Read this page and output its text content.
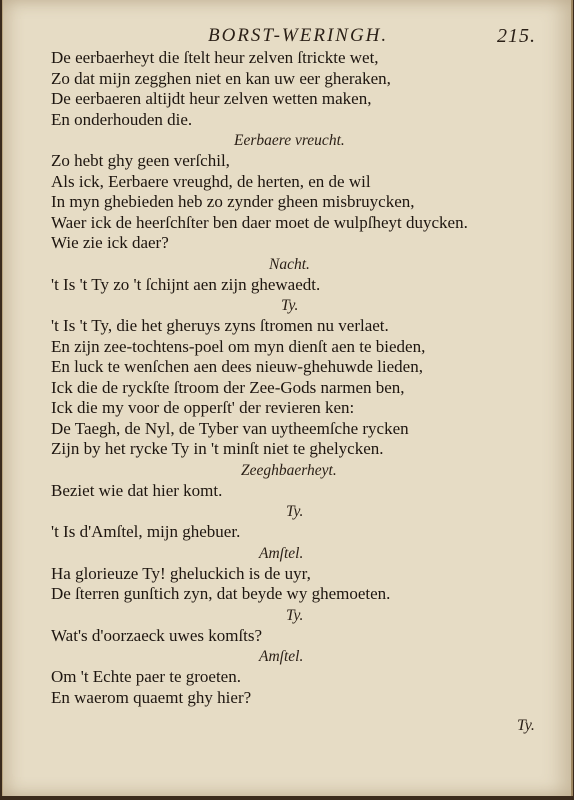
BORST-WERINGH.	215.
De eerbaerheyt die ſtelt heur zelven ſtrickte wet,
Zo dat mijn zegghen niet en kan uw eer gheraken,
De eerbaeren altijdt heur zelven wetten maken,
En onderhouden die.
Eerbaere vreucht.
Zo hebt ghy geen verſchil,
Als ick, Eerbaere vreughd, de herten, en de wil
In myn ghebieden heb zo zynder gheen misbruycken,
Waer ick de heerſchſter ben daer moet de wulpſheyt duycken.
Wie zie ick daer?
Nacht.
't Is 't Ty zo 't ſchijnt aen zijn ghewaedt.
Ty.
't Is 't Ty, die het gheruys zyns ſtromen nu verlaet.
En zijn zee-tochtens-poel om myn dienſt aen te bieden,
En luck te wenſchen aen dees nieuw-ghehuwde lieden,
Ick die de ryckſte ſtroom der Zee-Gods narmen ben,
Ick die my voor de opperſt' der revieren ken:
De Taegh, de Nyl, de Tyber van uytheemſche rycken
Zijn by het rycke Ty in 't minſt niet te ghelycken.
Zeeghbaerheyt.
Beziet wie dat hier komt.
Ty.
't Is d'Amſtel, mijn ghebuer.
Amſtel.
Ha glorieuze Ty! gheluckich is de uyr,
De ſterren gunſtich zyn, dat beyde wy ghemoeten.
Ty.
Wat's d'oorzaeck uwes komſts?
Amſtel.
Om 't Echte paer te groeten.
En waerom quaemt ghy hier?
Ty.
